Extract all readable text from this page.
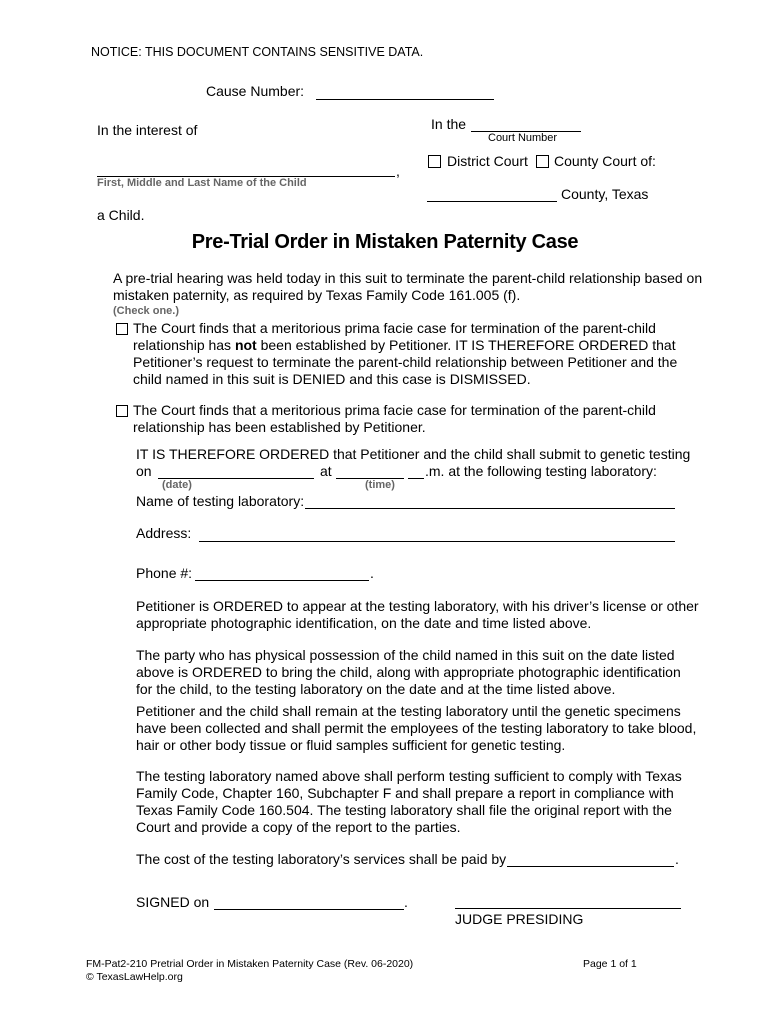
NOTICE: THIS DOCUMENT CONTAINS SENSITIVE DATA.
Cause Number:
In the interest of	In the
Court Number
District Court County Court of:
,
First, Middle and Last Name of the Child
County, Texas
a Child.
Pre-Trial Order in Mistaken Paternity Case
A pre-trial hearing was held today in this suit to terminate the parent-child relationship based on mistaken paternity, as required by Texas Family Code 161.005 (f).
(Check one.)
The Court finds that a meritorious prima facie case for termination of the parent-child relationship has not been established by Petitioner. IT IS THEREFORE ORDERED that Petitioner’s request to terminate the parent-child relationship between Petitioner and the child named in this suit is DENIED and this case is DISMISSED.
The Court finds that a meritorious prima facie case for termination of the parent-child relationship has been established by Petitioner.
IT IS THEREFORE ORDERED that Petitioner and the child shall submit to genetic testing
on	at	.m. at the following testing laboratory:
(date)	(time)
Name of testing laboratory:
Address:
Phone #:	.
Petitioner is ORDERED to appear at the testing laboratory, with his driver’s license or other appropriate photographic identification, on the date and time listed above.
The party who has physical possession of the child named in this suit on the date listed above is ORDERED to bring the child, along with appropriate photographic identification for the child, to the testing laboratory on the date and at the time listed above.
Petitioner and the child shall remain at the testing laboratory until the genetic specimens have been collected and shall permit the employees of the testing laboratory to take blood, hair or other body tissue or fluid samples sufficient for genetic testing.
The testing laboratory named above shall perform testing sufficient to comply with Texas Family Code, Chapter 160, Subchapter F and shall prepare a report in compliance with Texas Family Code 160.504. The testing laboratory shall file the original report with the Court and provide a copy of the report to the parties.
The cost of the testing laboratory’s services shall be paid by	.
SIGNED on	.
JUDGE PRESIDING
FM-Pat2-210 Pretrial Order in Mistaken Paternity Case (Rev. 06-2020)
© TexasLawHelp.org
Page 1 of 1
